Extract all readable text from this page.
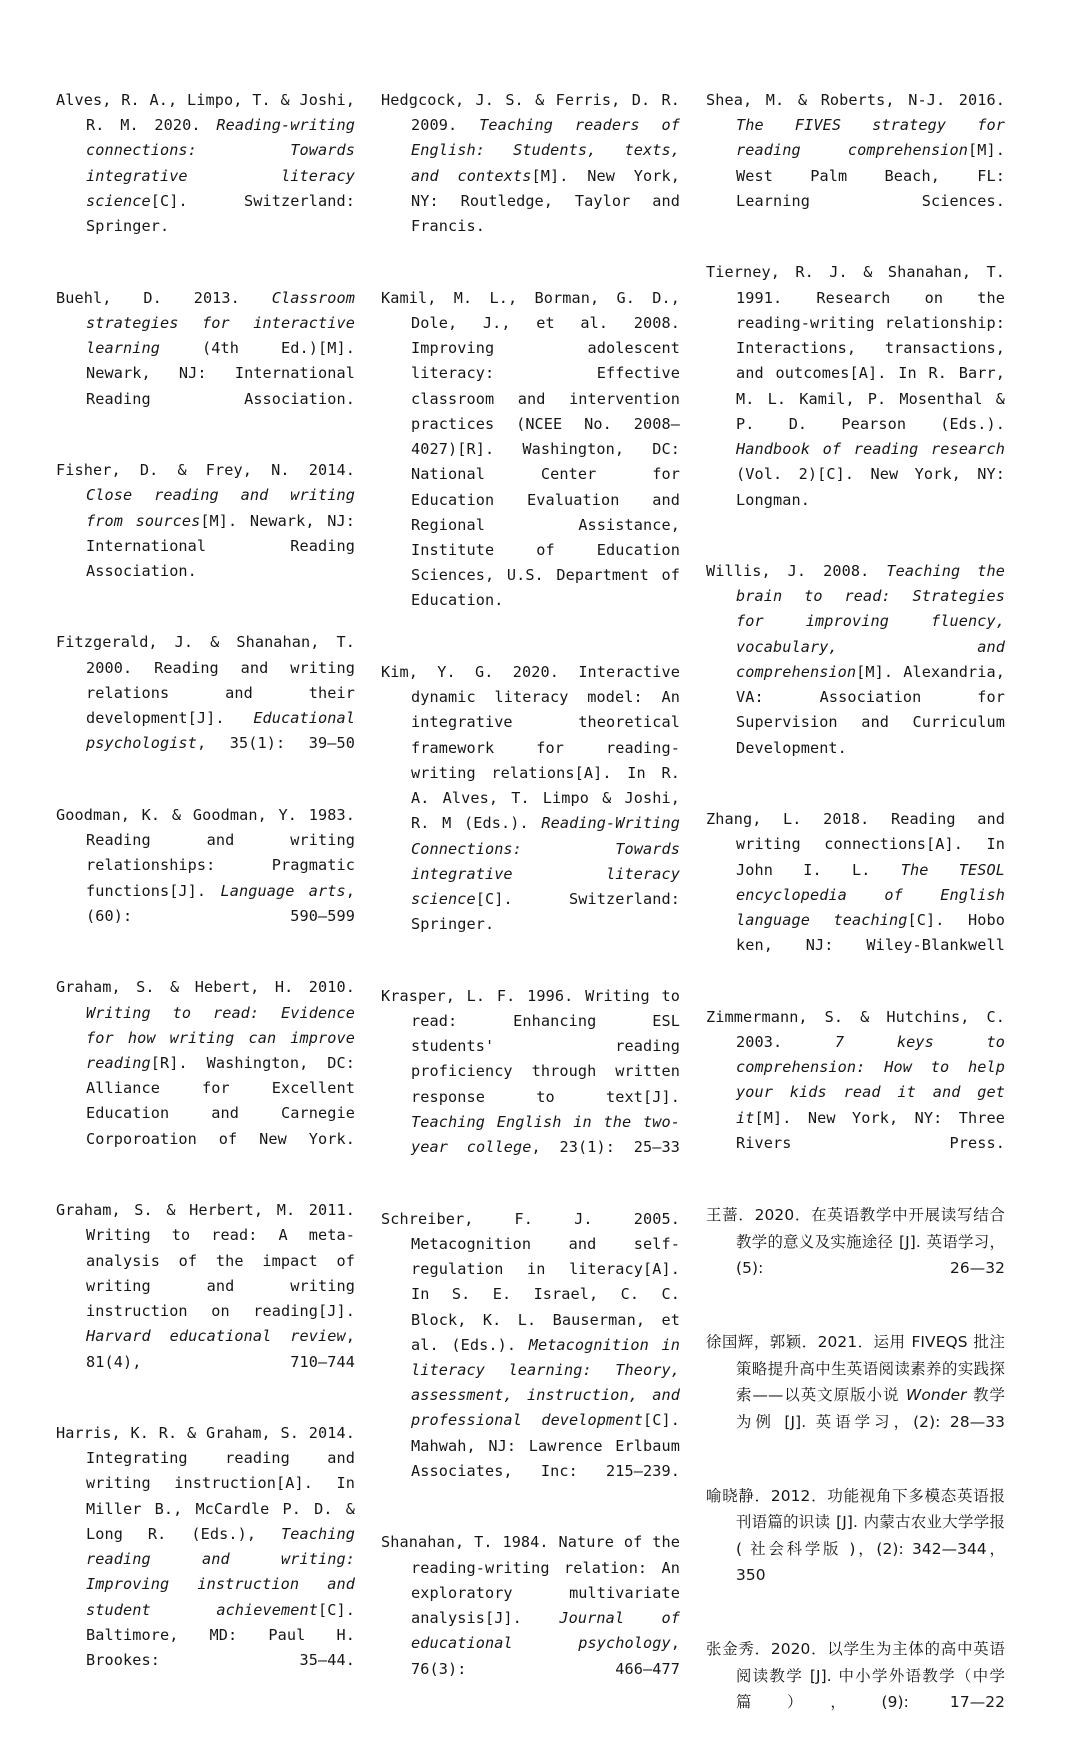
Alves, R. A., Limpo, T. & Joshi, R. M. 2020. Reading-writing connections: Towards integrative literacy science[C]. Switzerland: Springer.

Buehl, D. 2013. Classroom strategies for interactive learning (4th Ed.)[M]. Newark, NJ: International Reading Association.

Fisher, D. & Frey, N. 2014. Close reading and writing from sources[M]. Newark, NJ: International Reading Association.

Fitzgerald, J. & Shanahan, T. 2000. Reading and writing relations and their development[J]. Educational psychologist, 35(1): 39—50

Goodman, K. & Goodman, Y. 1983. Reading and writing relationships: Pragmatic functions[J]. Language arts, (60): 590—599

Graham, S. & Hebert, H. 2010. Writing to read: Evidence for how writing can improve reading[R]. Washington, DC: Alliance for Excellent Education and Carnegie Corporoation of New York.

Graham, S. & Herbert, M. 2011. Writing to read: A meta-analysis of the impact of writing and writing instruction on reading[J]. Harvard educational review, 81(4), 710–744

Harris, K. R. & Graham, S. 2014. Integrating reading and writing instruction[A]. In Miller B., McCardle P. D. & Long R. (Eds.), Teaching reading and writing: Improving instruction and student achievement[C]. Baltimore, MD: Paul H. Brookes: 35—44.

Hedgcock, J. S. & Ferris, D. R. 2009. Teaching readers of English: Students, texts, and contexts[M]. New York, NY: Routledge, Taylor and Francis.

Kamil, M. L., Borman, G. D., Dole, J., et al. 2008. Improving adolescent literacy: Effective classroom and intervention practices (NCEE No. 2008–4027)[R]. Washington, DC: National Center for Education Evaluation and Regional Assistance, Institute of Education Sciences, U.S. Department of Education.

Kim, Y. G. 2020. Interactive dynamic literacy model: An integrative theoretical framework for reading-writing relations[A]. In R. A. Alves, T. Limpo & Joshi, R. M (Eds.). Reading-Writing Connections: Towards integrative literacy science[C]. Switzerland: Springer.

Krasper, L. F. 1996. Writing to read: Enhancing ESL students' reading proficiency through written response to text[J]. Teaching English in the two-year college, 23(1): 25—33

Schreiber, F. J. 2005. Metacognition and self-regulation in literacy[A]. In S. E. Israel, C. C. Block, K. L. Bauserman, et al. (Eds.). Metacognition in literacy learning: Theory, assessment, instruction, and professional development[C]. Mahwah, NJ: Lawrence Erlbaum Associates, Inc: 215–239.

Shanahan, T. 1984. Nature of the reading-writing relation: An exploratory multivariate analysis[J]. Journal of educational psychology, 76(3): 466—477

Shea, M. & Roberts, N-J. 2016. The FIVES strategy for reading comprehension[M]. West Palm Beach, FL: Learning Sciences.

Tierney, R. J. & Shanahan, T. 1991. Research on the reading-writing relationship: Interactions, transactions, and outcomes[A]. In R. Barr, M. L. Kamil, P. Mosenthal & P. D. Pearson (Eds.). Handbook of reading research (Vol. 2)[C]. New York, NY: Longman.

Willis, J. 2008. Teaching the brain to read: Strategies for improving fluency, vocabulary, and comprehension[M]. Alexandria, VA: Association for Supervision and Curriculum Development.

Zhang, L. 2018. Reading and writing connections[A]. In John I. L. The TESOL encyclopedia of English language teaching[C]. Hobo ken, NJ: Wiley-Blankwell

Zimmermann, S. & Hutchins, C. 2003. 7 keys to comprehension: How to help your kids read it and get it[M]. New York, NY: Three Rivers Press.

王蔷．2020．在英语教学中开展读写结合教学的意义及实施途径 [J]. 英语学习，(5): 26—32

徐国辉，郭颖．2021．运用 FIVEQS 批注策略提升高中生英语阅读素养的实践探索——以英文原版小说 Wonder 教学为例 [J]. 英语学习，(2): 28—33

喻晓静．2012．功能视角下多模态英语报刊语篇的识读 [J]. 内蒙古农业大学学报( 社会科学版 )，(2): 342—344，350

张金秀．2020．以学生为主体的高中英语阅读教学 [J]. 中小学外语教学（中学篇），(9): 17—22
